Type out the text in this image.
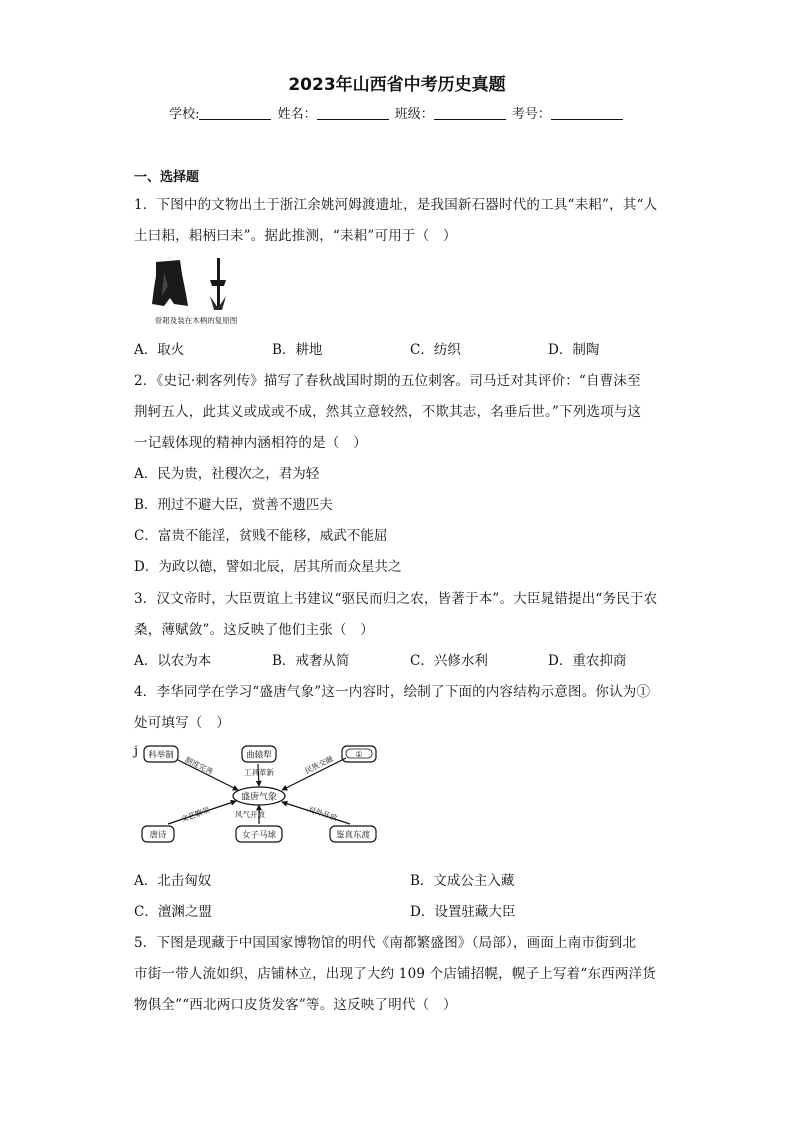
2023年山西省中考历史真题
学校:	姓名：	班级：	考号：
一、选择题
1．下图中的文物出土于浙江余姚河姆渡遗址，是我国新石器时代的工具“耒耜”，其“人
土曰耜，耜柄曰耒”。据此推测，“耒耜”可用于（　）
骨耜及装在木柄的复原图
A．取火	B．耕地	C．纺织	D．制陶
2．《史记·刺客列传》描写了春秋战国时期的五位刺客。司马迁对其评价：“自曹沫至
荆轲五人，此其义或成或不成，然其立意较然，不欺其志，名垂后世。”下列选项与这
一记载体现的精神内涵相符的是（　）
A．民为贵，社稷次之，君为轻
B．刑过不避大臣，赏善不遗匹夫
C．富贵不能淫，贫贱不能移，威武不能屈
D．为政以德，譬如北辰，居其所而众星共之
3．汉文帝时，大臣贾谊上书建议“驱民而归之农，皆著于本”。大臣晁错提出“务民于农
桑，薄赋敛”。这反映了他们主张（　）
A．以农为本	B．戒奢从简	C．兴修水利	D．重农抑商
4．李华同学在学习“盛唐气象”这一内容时，绘制了下面的内容结构示意图。你认为①
处可填写（　）
盛唐气象
科举制	曲辕犁	①
唐诗	女子马球	鉴真东渡
制度完善	工具革新	民族交融
文艺繁荣	风气开放	对外开放
j
A．北击匈奴	B．文成公主入藏
C．澶渊之盟	D．设置驻藏大臣
5．下图是现藏于中国国家博物馆的明代《南都繁盛图》（局部），画面上南市街到北
市街一带人流如织，店铺林立，出现了大约 109 个店铺招幌，幌子上写着“东西两洋货
物俱全”“西北两口皮货发客”等。这反映了明代（　）
